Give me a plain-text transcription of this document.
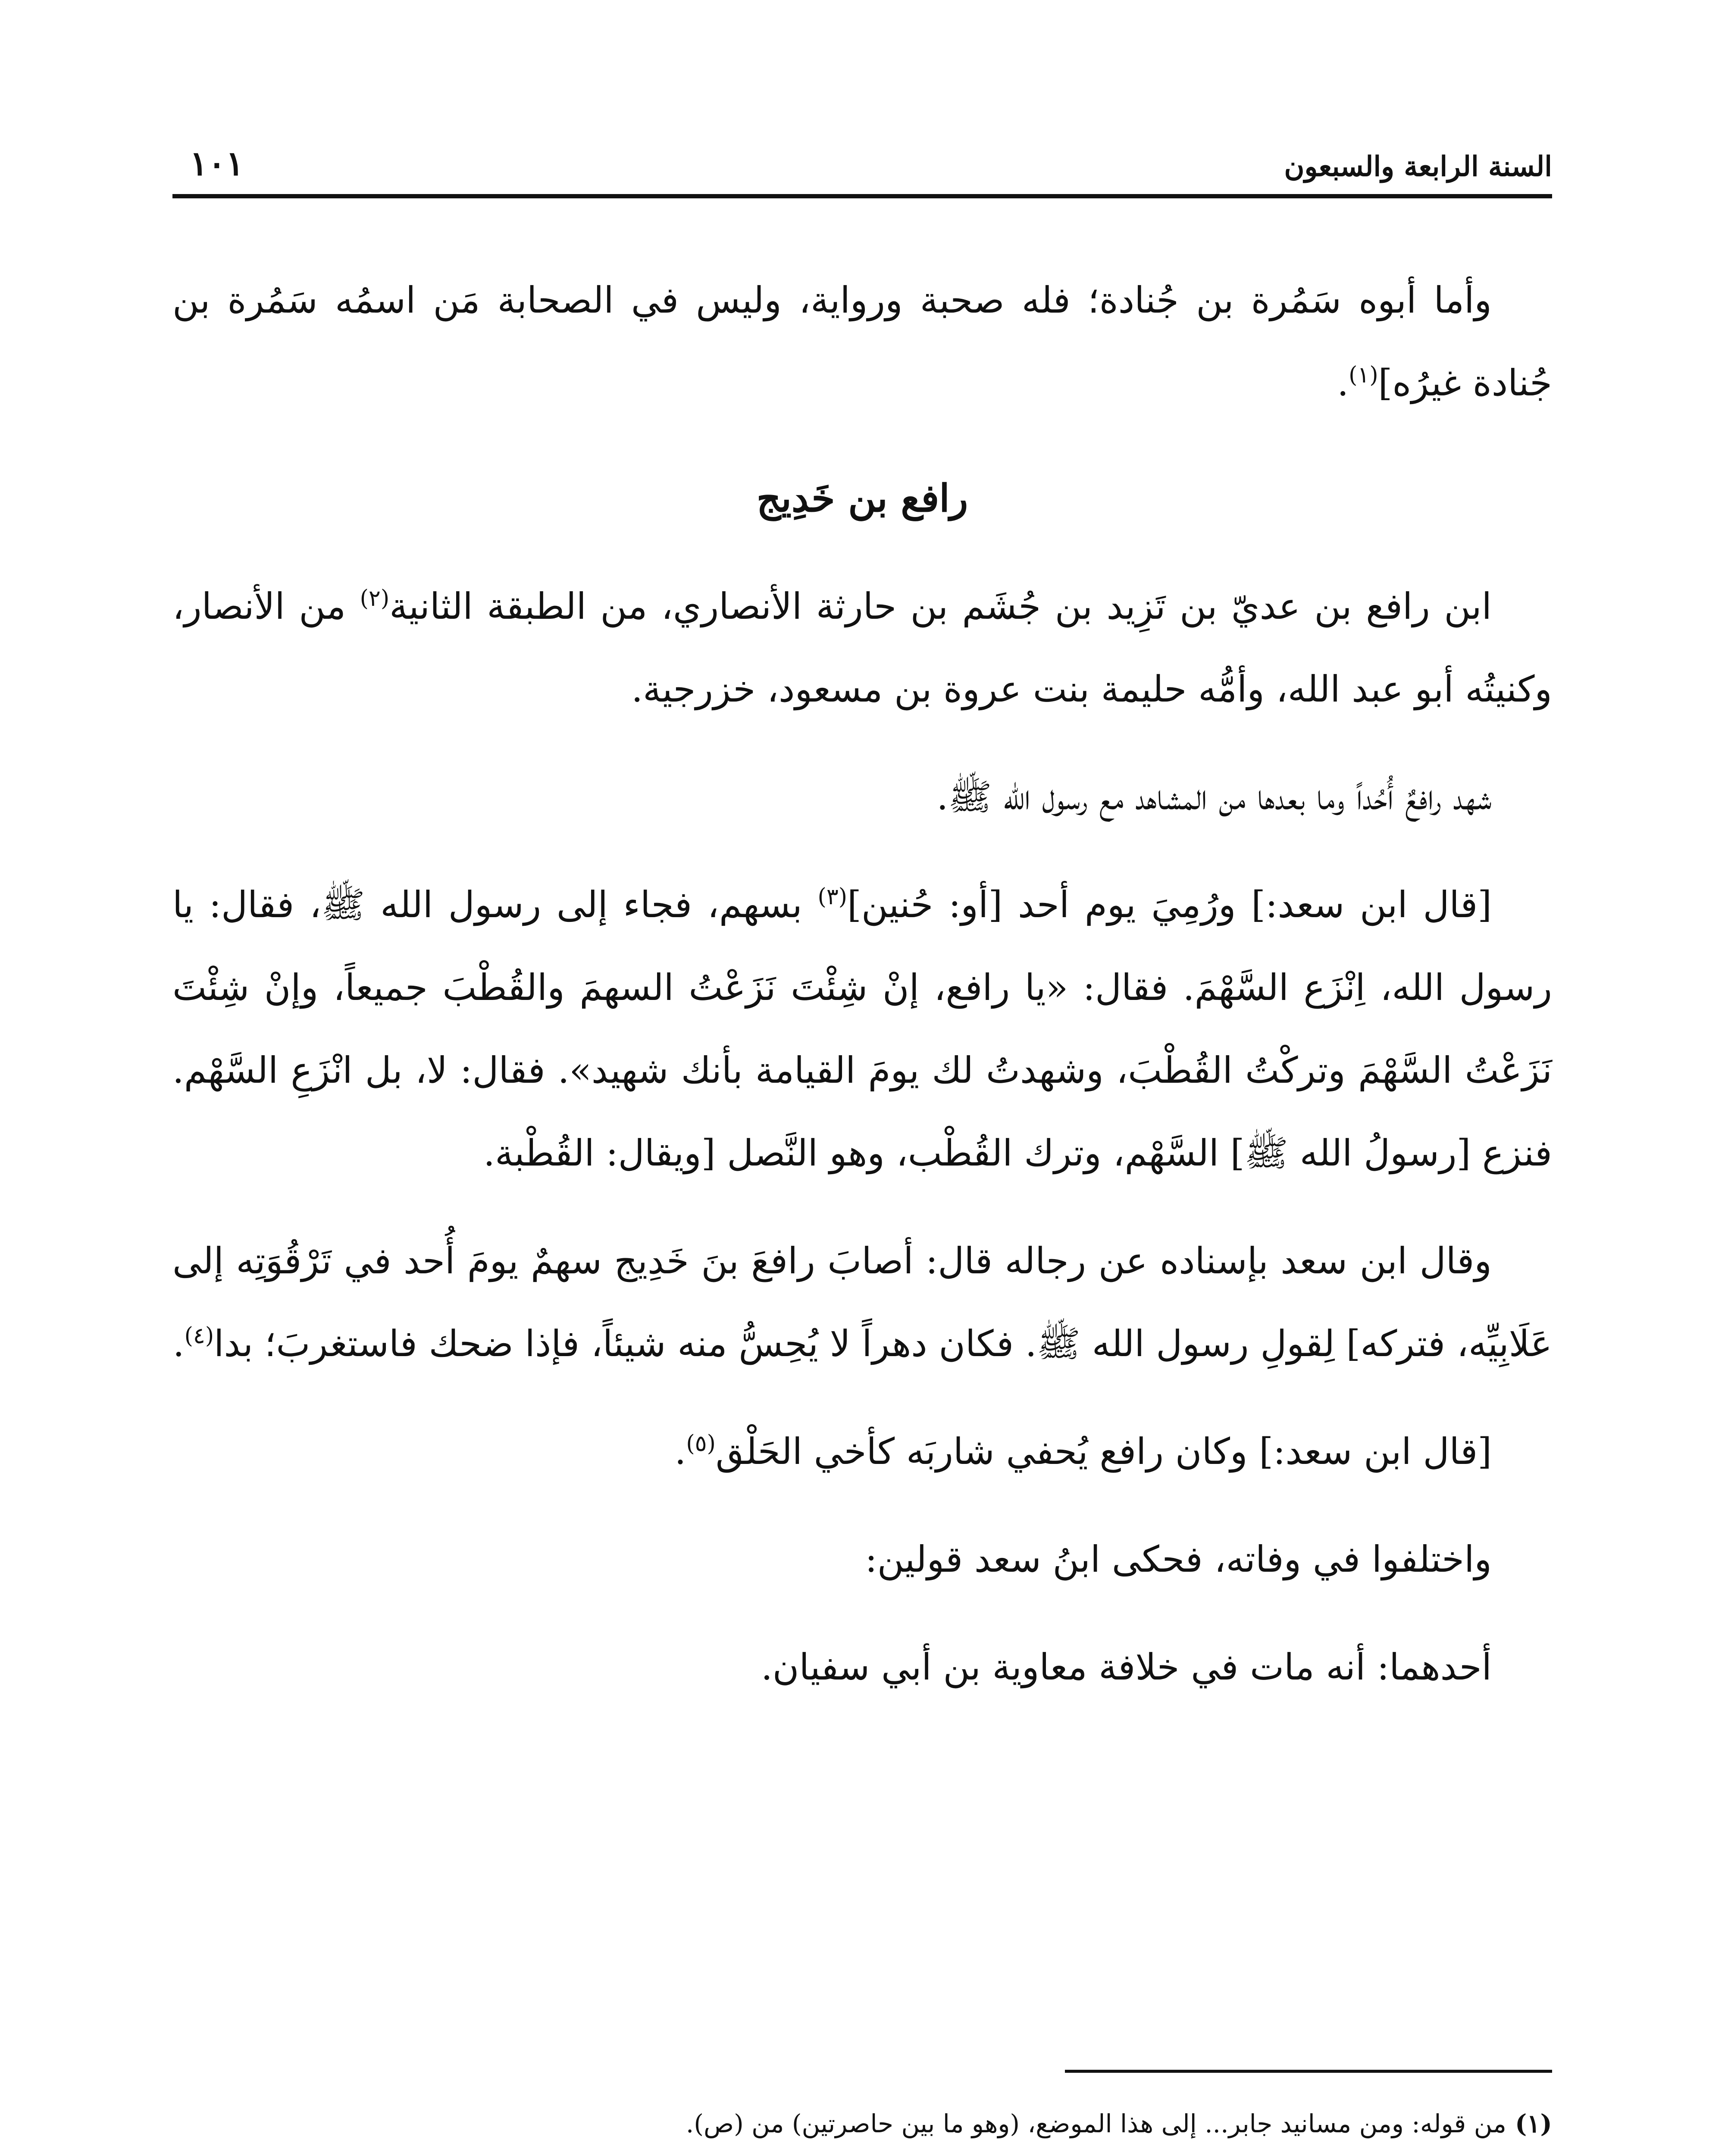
السنة الرابعة والسبعون
١٠١

وأما أبوه سَمُرة بن جُنادة؛ فله صحبة ورواية، وليس في الصحابة مَن اسمُه سَمُرة بن جُنادة غيرُه]$^{(١)}$.

رافع بن خَدِيج

ابن رافع بن عديّ بن تَزِيد بن جُشَم بن حارثة الأنصاري، من الطبقة الثانية$^{(٢)}$ من الأنصار، وكنيتُه أبو عبد الله، وأمُّه حليمة بنت عروة بن مسعود، خزرجية.

شهد رافعٌ أُحُداً وما بعدها من المشاهد مع رسول الله ﷺ.

[قال ابن سعد:] ورُمِيَ يوم أحد [أو: حُنين]$^{(٣)}$ بسهم، فجاء إلى رسول الله ﷺ، فقال: يا رسول الله، اِنْزَع السَّهْمَ. فقال: «يا رافع، إنْ شِئْتَ نَزَعْتُ السهمَ والقُطْبَ جميعاً، وإنْ شِئْتَ نَزَعْتُ السَّهْمَ وتركْتُ القُطْبَ، وشهدتُ لك يومَ القيامة بأنك شهيد». فقال: لا، بل انْزَعِ السَّهْم. فنزع [رسولُ الله ﷺ] السَّهْم، وترك القُطْب، وهو النَّصل [ويقال: القُطْبة.

وقال ابن سعد بإسناده عن رجاله قال: أصابَ رافعَ بنَ خَدِيج سهمٌ يومَ أُحد في تَرْقُوَتِه إلى عَلَابِيِّه، فتركه] لِقولِ رسول الله ﷺ. فكان دهراً لا يُحِسُّ منه شيئاً، فإذا ضحك فاستغربَ؛ بدا$^{(٤)}$.

[قال ابن سعد:] وكان رافع يُحفي شاربَه كأخي الحَلْق$^{(٥)}$.

واختلفوا في وفاته، فحكى ابنُ سعد قولين:

أحدهما: أنه مات في خلافة معاوية بن أبي سفيان.

(١)من قوله: ومن مسانيد جابر... إلى هذا الموضع، (وهو ما بين حاصرتين) من (ص).
